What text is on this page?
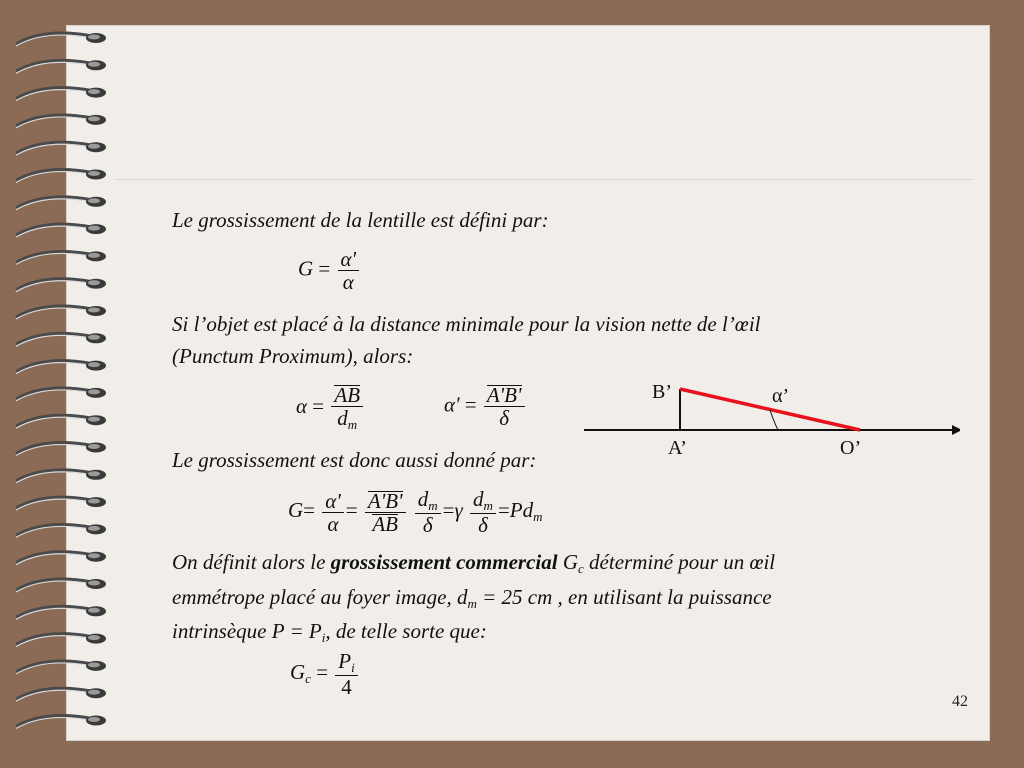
Le grossissement de la lentille est défini par:
$G = \frac{\alpha'}{\alpha}$
Si l’objet est placé à la distance minimale pour la vision nette de l’œil
(Punctum Proximum), alors:
$\alpha = \frac{AB}{dm}$	$\alpha' = \frac{A'B'}{\delta}$	B’
A’	O’
α’
Le grossissement est donc aussi donné par:
$G= \frac{\alpha'}{\alpha} = \frac{A'B'}{AB}$
$\frac{dm}{\delta} =\gamma \frac{dm}{\delta} =Pdm$
On définit alors le grossissement commercial Gc déterminé pour un œil
emmétrope placé au foyer image, dm = 25 cm , en utilisant la puissance
intrinsèque P = Pi, de telle sorte que:
$Gc = \frac{Pi}{4}$
42
